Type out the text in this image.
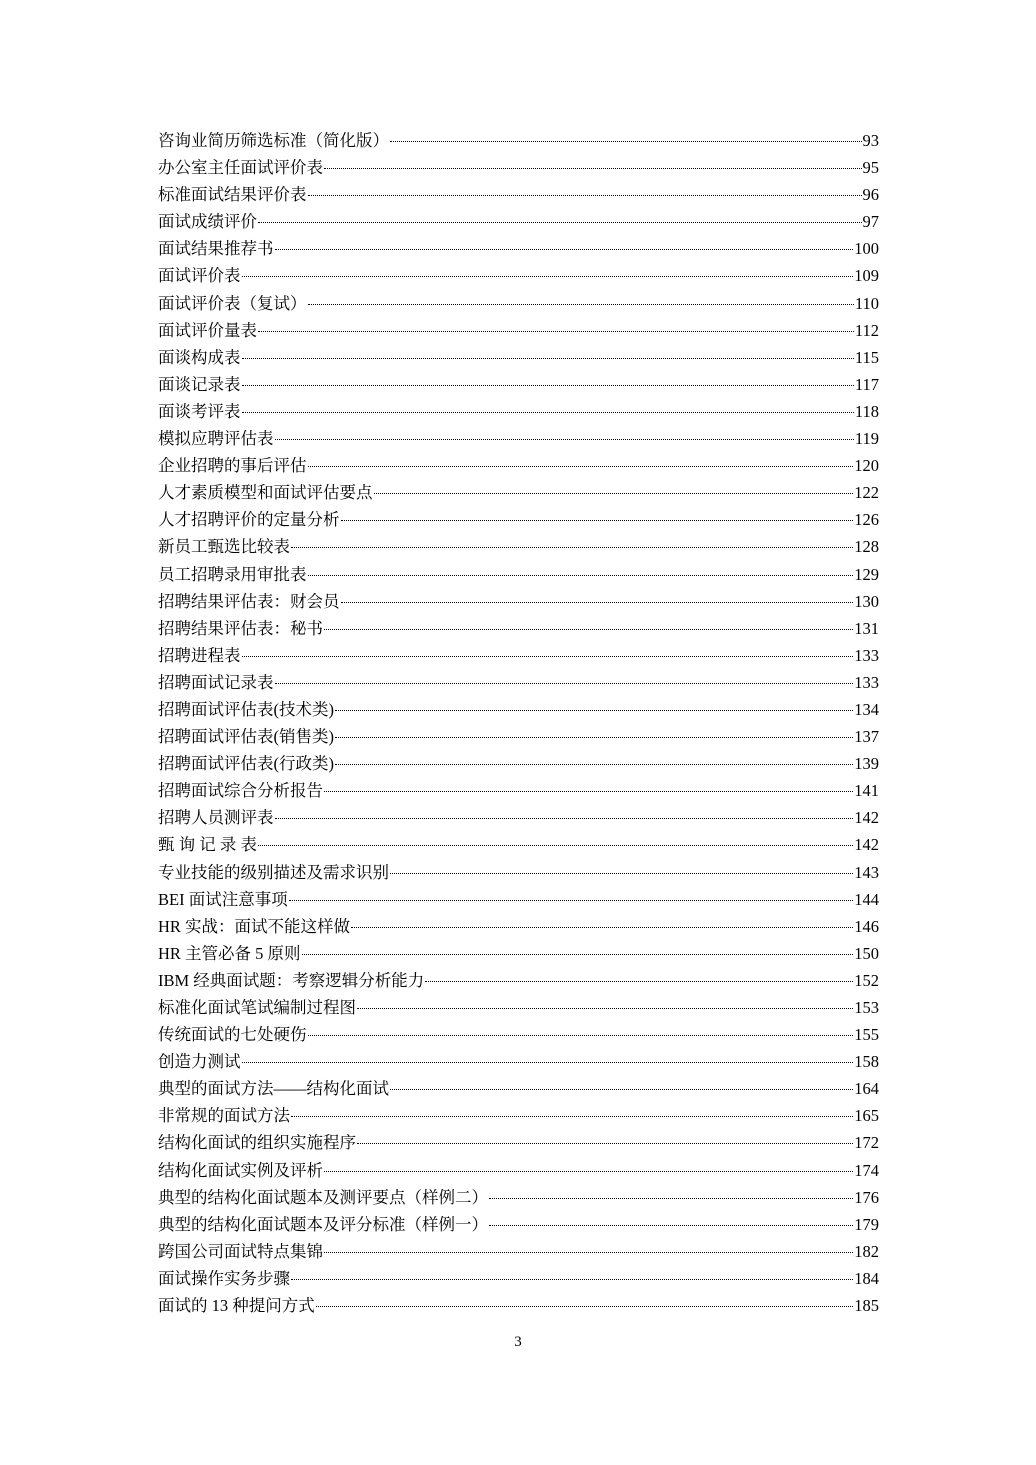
咨询业简历筛选标准（简化版）	93
办公室主任面试评价表	95
标准面试结果评价表	96
面试成绩评价	97
面试结果推荐书	100
面试评价表	109
面试评价表（复试）	110
面试评价量表	112
面谈构成表	115
面谈记录表	117
面谈考评表	118
模拟应聘评估表	119
企业招聘的事后评估	120
人才素质模型和面试评估要点	122
人才招聘评价的定量分析	126
新员工甄选比较表	128
员工招聘录用审批表	129
招聘结果评估表：财会员	130
招聘结果评估表：秘书	131
招聘进程表	133
招聘面试记录表	133
招聘面试评估表(技术类)	134
招聘面试评估表(销售类)	137
招聘面试评估表(行政类)	139
招聘面试综合分析报告	141
招聘人员测评表	142
甄 询 记 录 表	142
专业技能的级别描述及需求识别	143
BEI 面试注意事项	144
HR 实战：面试不能这样做	146
HR 主管必备 5 原则	150
IBM 经典面试题：考察逻辑分析能力	152
标准化面试笔试编制过程图	153
传统面试的七处硬伤	155
创造力测试	158
典型的面试方法——结构化面试	164
非常规的面试方法	165
结构化面试的组织实施程序	172
结构化面试实例及评析	174
典型的结构化面试题本及测评要点（样例二）	176
典型的结构化面试题本及评分标准（样例一）	179
跨国公司面试特点集锦	182
面试操作实务步骤	184
面试的 13 种提问方式	185
3
